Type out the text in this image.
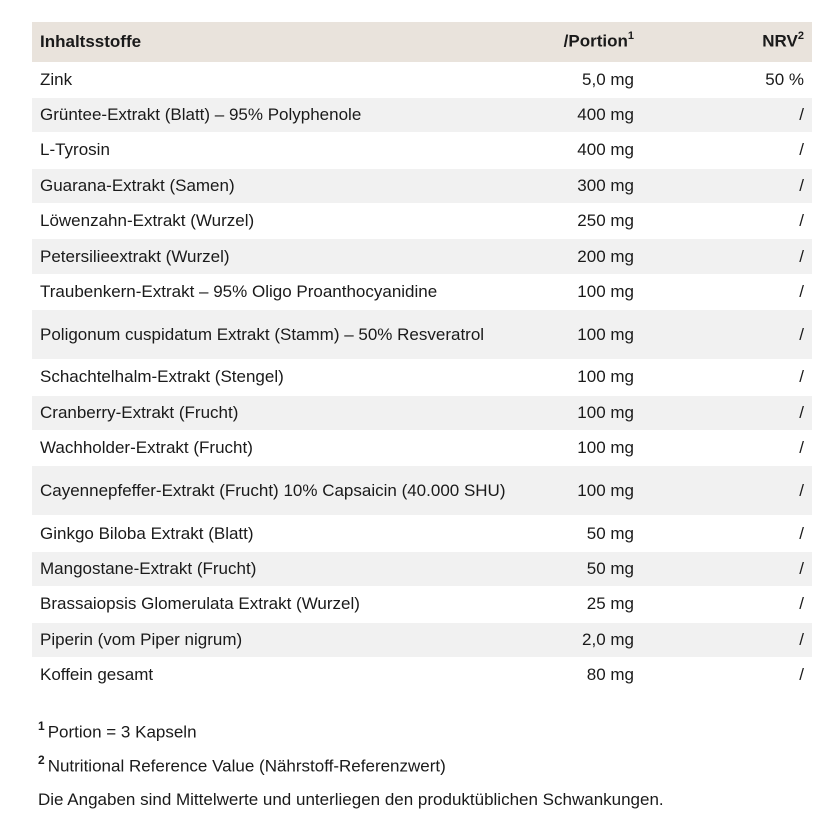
Inhaltsstoffe	/Portion$^1$	NRV$^2$
Zink	5,0 mg	50 %
Grüntee-Extrakt (Blatt) – 95% Polyphenole	400 mg	/
L-Tyrosin	400 mg	/
Guarana-Extrakt (Samen)	300 mg	/
Löwenzahn-Extrakt (Wurzel)	250 mg	/
Petersilieextrakt (Wurzel)	200 mg	/
Traubenkern-Extrakt – 95% Oligo Proanthocyanidine	100 mg	/
Poligonum cuspidatum Extrakt (Stamm) – 50% Resveratrol	100 mg	/
Schachtelhalm-Extrakt (Stengel)	100 mg	/
Cranberry-Extrakt (Frucht)	100 mg	/
Wachholder-Extrakt (Frucht)	100 mg	/
Cayennepfeffer-Extrakt (Frucht) 10% Capsaicin (40.000 SHU)	100 mg	/
Ginkgo Biloba Extrakt (Blatt)	50 mg	/
Mangostane-Extrakt (Frucht)	50 mg	/
Brassaiopsis Glomerulata Extrakt (Wurzel)	25 mg	/
Piperin (vom Piper nigrum)	2,0 mg	/
Koffein gesamt	80 mg	/
$^1$ Portion = 3 Kapseln
$^2$ Nutritional Reference Value (Nährstoff-Referenzwert)
Die Angaben sind Mittelwerte und unterliegen den produktüblichen Schwankungen.
